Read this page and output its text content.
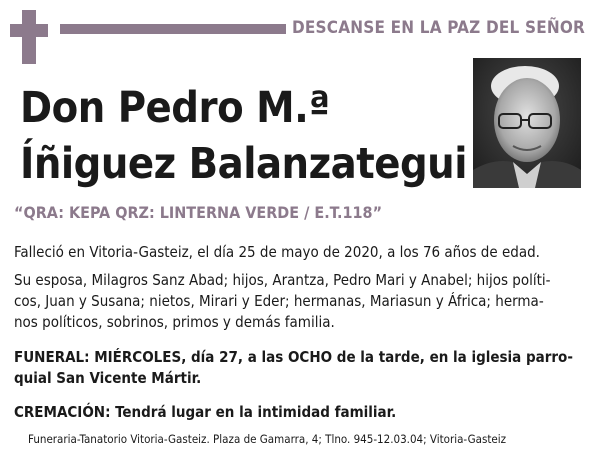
DESCANSE EN LA PAZ DEL SEÑOR
Don Pedro M.ª
Íñiguez Balanzategui
“QRA: KEPA QRZ: LINTERNA VERDE / E.T.118”

Falleció en Vitoria-Gasteiz, el día 25 de mayo de 2020, a los 76 años de edad.

Su esposa, Milagros Sanz Abad; hijos, Arantza, Pedro Mari y Anabel; hijos políti-

cos, Juan y Susana; nietos, Mirari y Eder; hermanas, Mariasun y África; herma-

nos políticos, sobrinos, primos y demás familia.

FUNERAL: MIÉRCOLES, día 27, a las OCHO de la tarde, en la iglesia parro-

quial San Vicente Mártir.

CREMACIÓN: Tendrá lugar en la intimidad familiar.

Funeraria-Tanatorio Vitoria-Gasteiz. Plaza de Gamarra, 4; Tlno. 945-12.03.04; Vitoria-Gasteiz
